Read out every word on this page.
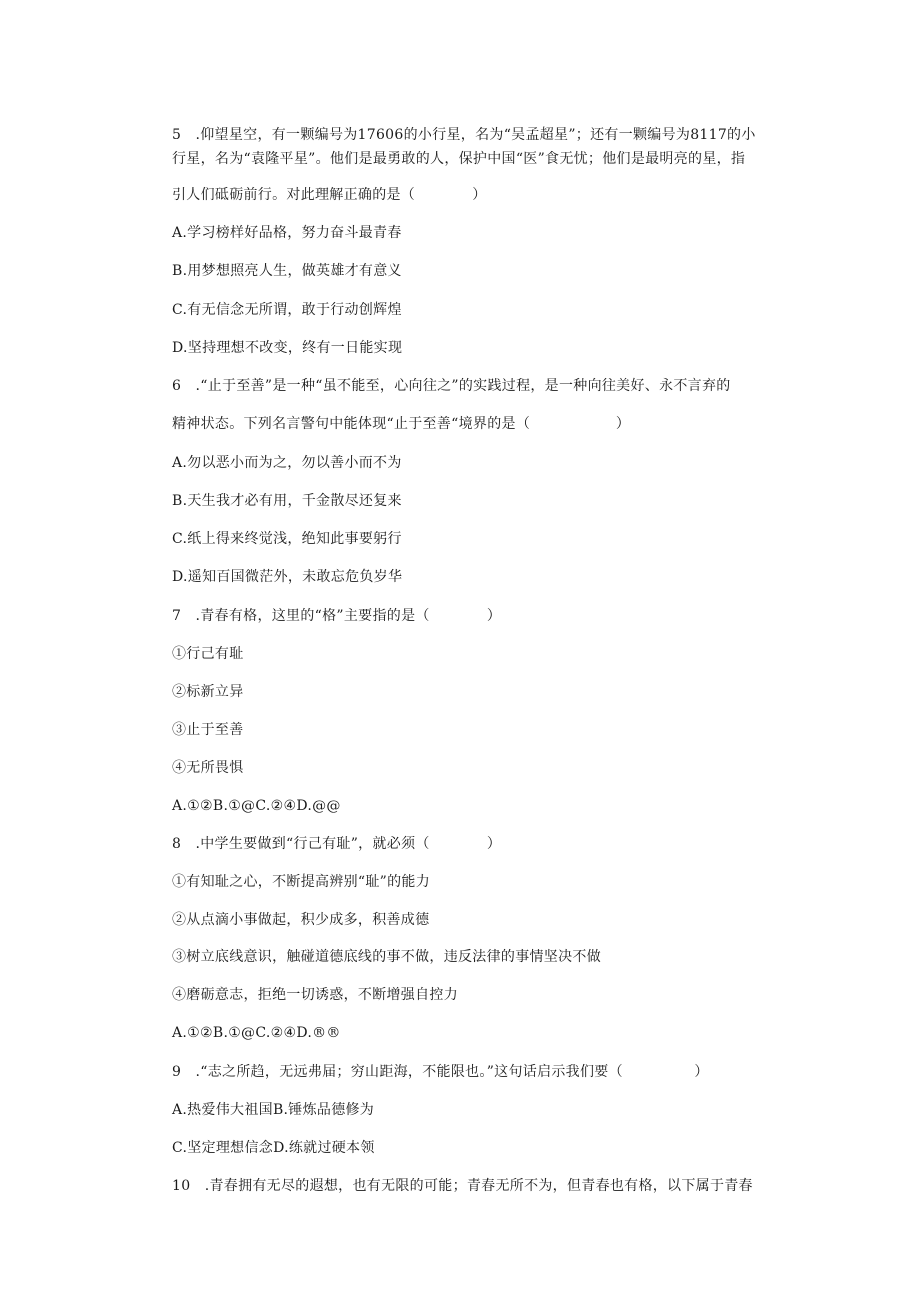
5　.仰望星空，有一颗编号为17606的小行星，名为“吴孟超星”；还有一颗编号为8117的小
行星，名为“袁隆平星”。他们是最勇敢的人，保护中国“医”食无忧；他们是最明亮的星，指
引人们砥砺前行。对此理解正确的是（　　　　）
A.学习榜样好品格，努力奋斗最青春
B.用梦想照亮人生，做英雄才有意义
C.有无信念无所谓，敢于行动创辉煌
D.坚持理想不改变，终有一日能实现
6　.“止于至善”是一种“虽不能至，心向往之”的实践过程，是一种向往美好、永不言弃的
精神状态。下列名言警句中能体现“止于至善“境界的是（　　　　　　）
A.勿以恶小而为之，勿以善小而不为
B.天生我才必有用，千金散尽还复来
C.纸上得来终觉浅，绝知此事要躬行
D.遥知百国微茫外，未敢忘危负岁华
7　.青春有格，这里的“格”主要指的是（　　　　）
①行己有耻
②标新立异
③止于至善
④无所畏惧
A.①②B.①@C.②④D.@@
8　.中学生要做到“行己有耻”，就必须（　　　　）
①有知耻之心，不断提高辨别“耻”的能力
②从点滴小事做起，积少成多，积善成德
③树立底线意识，触碰道德底线的事不做，违反法律的事情坚决不做
④磨砺意志，拒绝一切诱惑，不断增强自控力
A.①②B.①@C.②④D.®®
9　.“志之所趋，无远弗届；穷山距海，不能限也。”这句话启示我们要（　　　　　）
A.热爱伟大祖国B.锤炼品德修为
C.坚定理想信念D.练就过硬本领
10　.青春拥有无尽的遐想，也有无限的可能；青春无所不为，但青春也有格，以下属于青春
